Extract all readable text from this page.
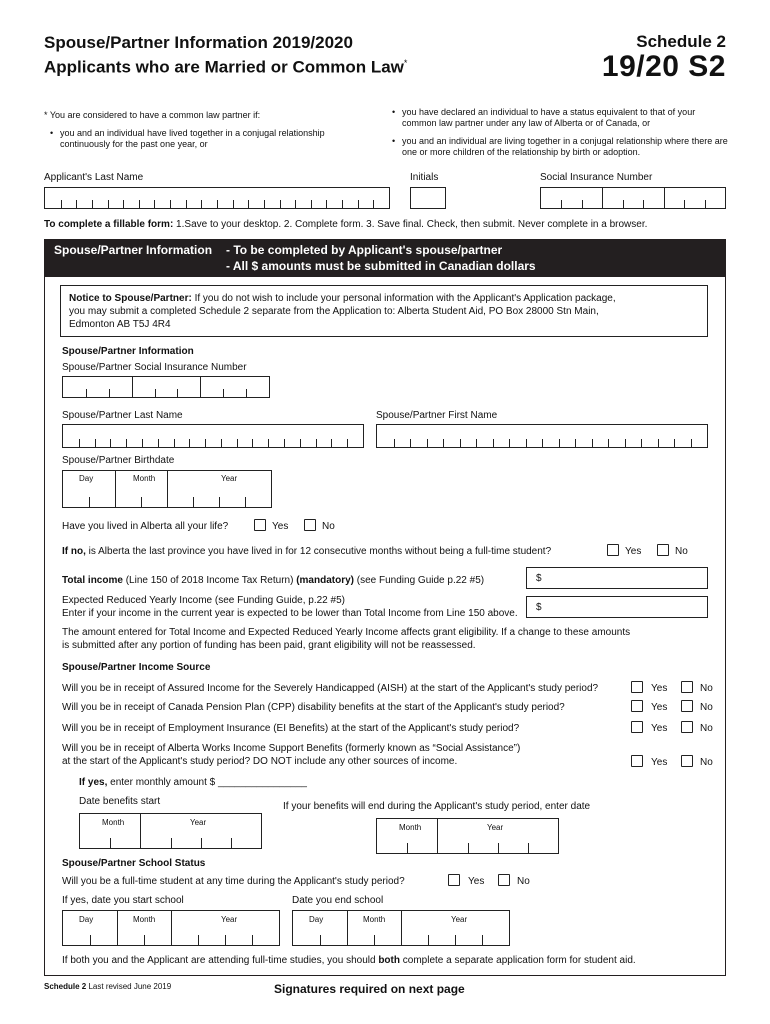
Spouse/Partner Information 2019/2020
Applicants who are Married or Common Law*
Schedule 2
19/20 S2
* You are considered to have a common law partner if:
• you and an individual have lived together in a conjugal relationship continuously for the past one year, or
• you have declared an individual to have a status equivalent to that of your common law partner under any law of Alberta or of Canada, or
• you and an individual are living together in a conjugal relationship where there are one or more children of the relationship by birth or adoption.
Applicant's Last Name	Initials	Social Insurance Number
To complete a fillable form: 1.Save to your desktop. 2. Complete form. 3. Save final. Check, then submit. Never complete in a browser.
Spouse/Partner Information - To be completed by Applicant's spouse/partner
- All $ amounts must be submitted in Canadian dollars
Notice to Spouse/Partner: If you do not wish to include your personal information with the Applicant's Application package,
you may submit a completed Schedule 2 separate from the Application to: Alberta Student Aid, PO Box 28000 Stn Main,
Edmonton AB T5J 4R4
Spouse/Partner Information
Spouse/Partner Social Insurance Number
Spouse/Partner Last Name	Spouse/Partner First Name
Spouse/Partner Birthdate
Day	Month	Year
Have you lived in Alberta all your life?	Yes	No
If no, is Alberta the last province you have lived in for 12 consecutive months without being a full-time student?	Yes	No
Total income (Line 150 of 2018 Income Tax Return) (mandatory) (see Funding Guide p.22 #5)	$
Expected Reduced Yearly Income (see Funding Guide, p.22 #5)
Enter if your income in the current year is expected to be lower than Total Income from Line 150 above.
$
The amount entered for Total Income and Expected Reduced Yearly Income affects grant eligibility. If a change to these amounts
is submitted after any portion of funding has been paid, grant eligibility will not be reassessed.
Spouse/Partner Income Source
Will you be in receipt of Assured Income for the Severely Handicapped (AISH) at the start of the Applicant's study period?	Yes	No
Will you be in receipt of Canada Pension Plan (CPP) disability benefits at the start of the Applicant's study period?	Yes	No
Will you be in receipt of Employment Insurance (EI Benefits) at the start of the Applicant's study period?	Yes	No
Will you be in receipt of Alberta Works Income Support Benefits (formerly known as “Social Assistance”)
at the start of the Applicant's study period? DO NOT include any other sources of income.	Yes	No
If yes, enter monthly amount $ ________________
Date benefits start	If your benefits will end during the Applicant's study period, enter date
Month	Year
Month	Year
Spouse/Partner School Status
Will you be a full-time student at any time during the Applicant's study period?	Yes	No
If yes, date you start school	Date you end school
Day	Month	Year	Day	Month	Year
If both you and the Applicant are attending full-time studies, you should both complete a separate application form for student aid.
Schedule 2 Last revised June 2019	Signatures required on next page
